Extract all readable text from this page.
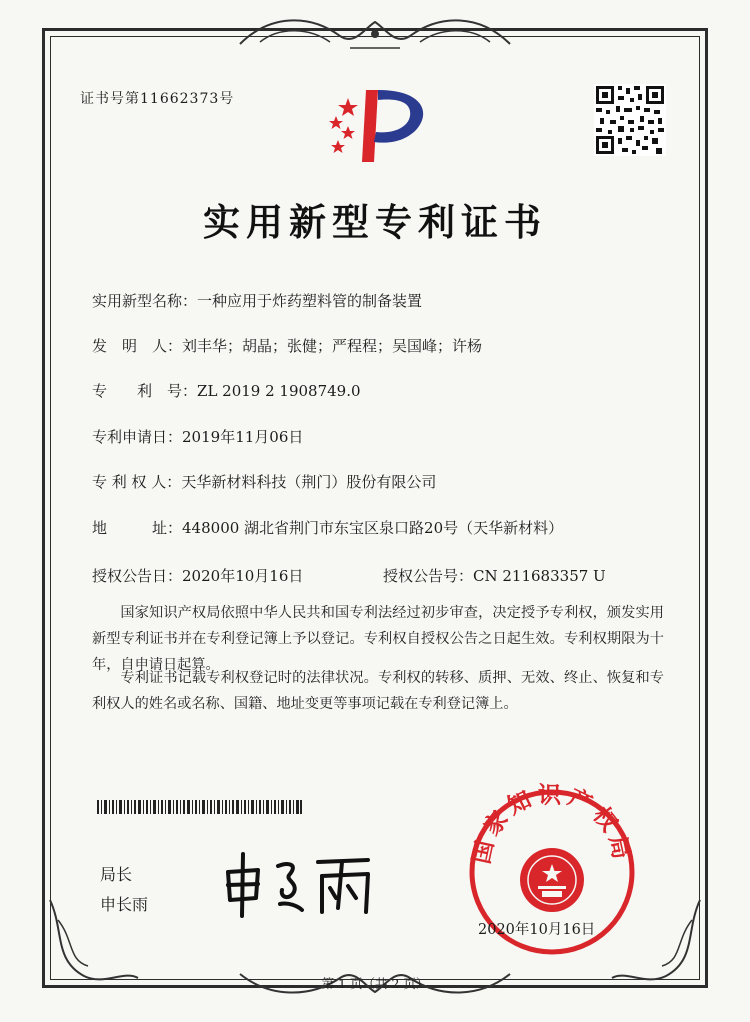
证书号第11662373号
实用新型专利证书
实用新型名称：一种应用于炸药塑料管的制备装置
发　明　人：刘丰华；胡晶；张健；严程程；吴国峰；许杨
专　　利　号：ZL 2019 2 1908749.0
专利申请日：2019年11月06日
专 利 权 人：天华新材料科技（荆门）股份有限公司
地　　　址：448000 湖北省荆门市东宝区泉口路20号（天华新材料）
授权公告日：2020年10月16日	授权公告号：CN 211683357 U
国家知识产权局依照中华人民共和国专利法经过初步审查，决定授予专利权，颁发实用新型专利证书并在专利登记簿上予以登记。专利权自授权公告之日起生效。专利权期限为十年，自申请日起算。
专利证书记载专利权登记时的法律状况。专利权的转移、质押、无效、终止、恢复和专利权人的姓名或名称、国籍、地址变更等事项记载在专利登记簿上。
局长
申长雨
国家知识产权局
2020年10月16日
第 1 页（共 2 页）
